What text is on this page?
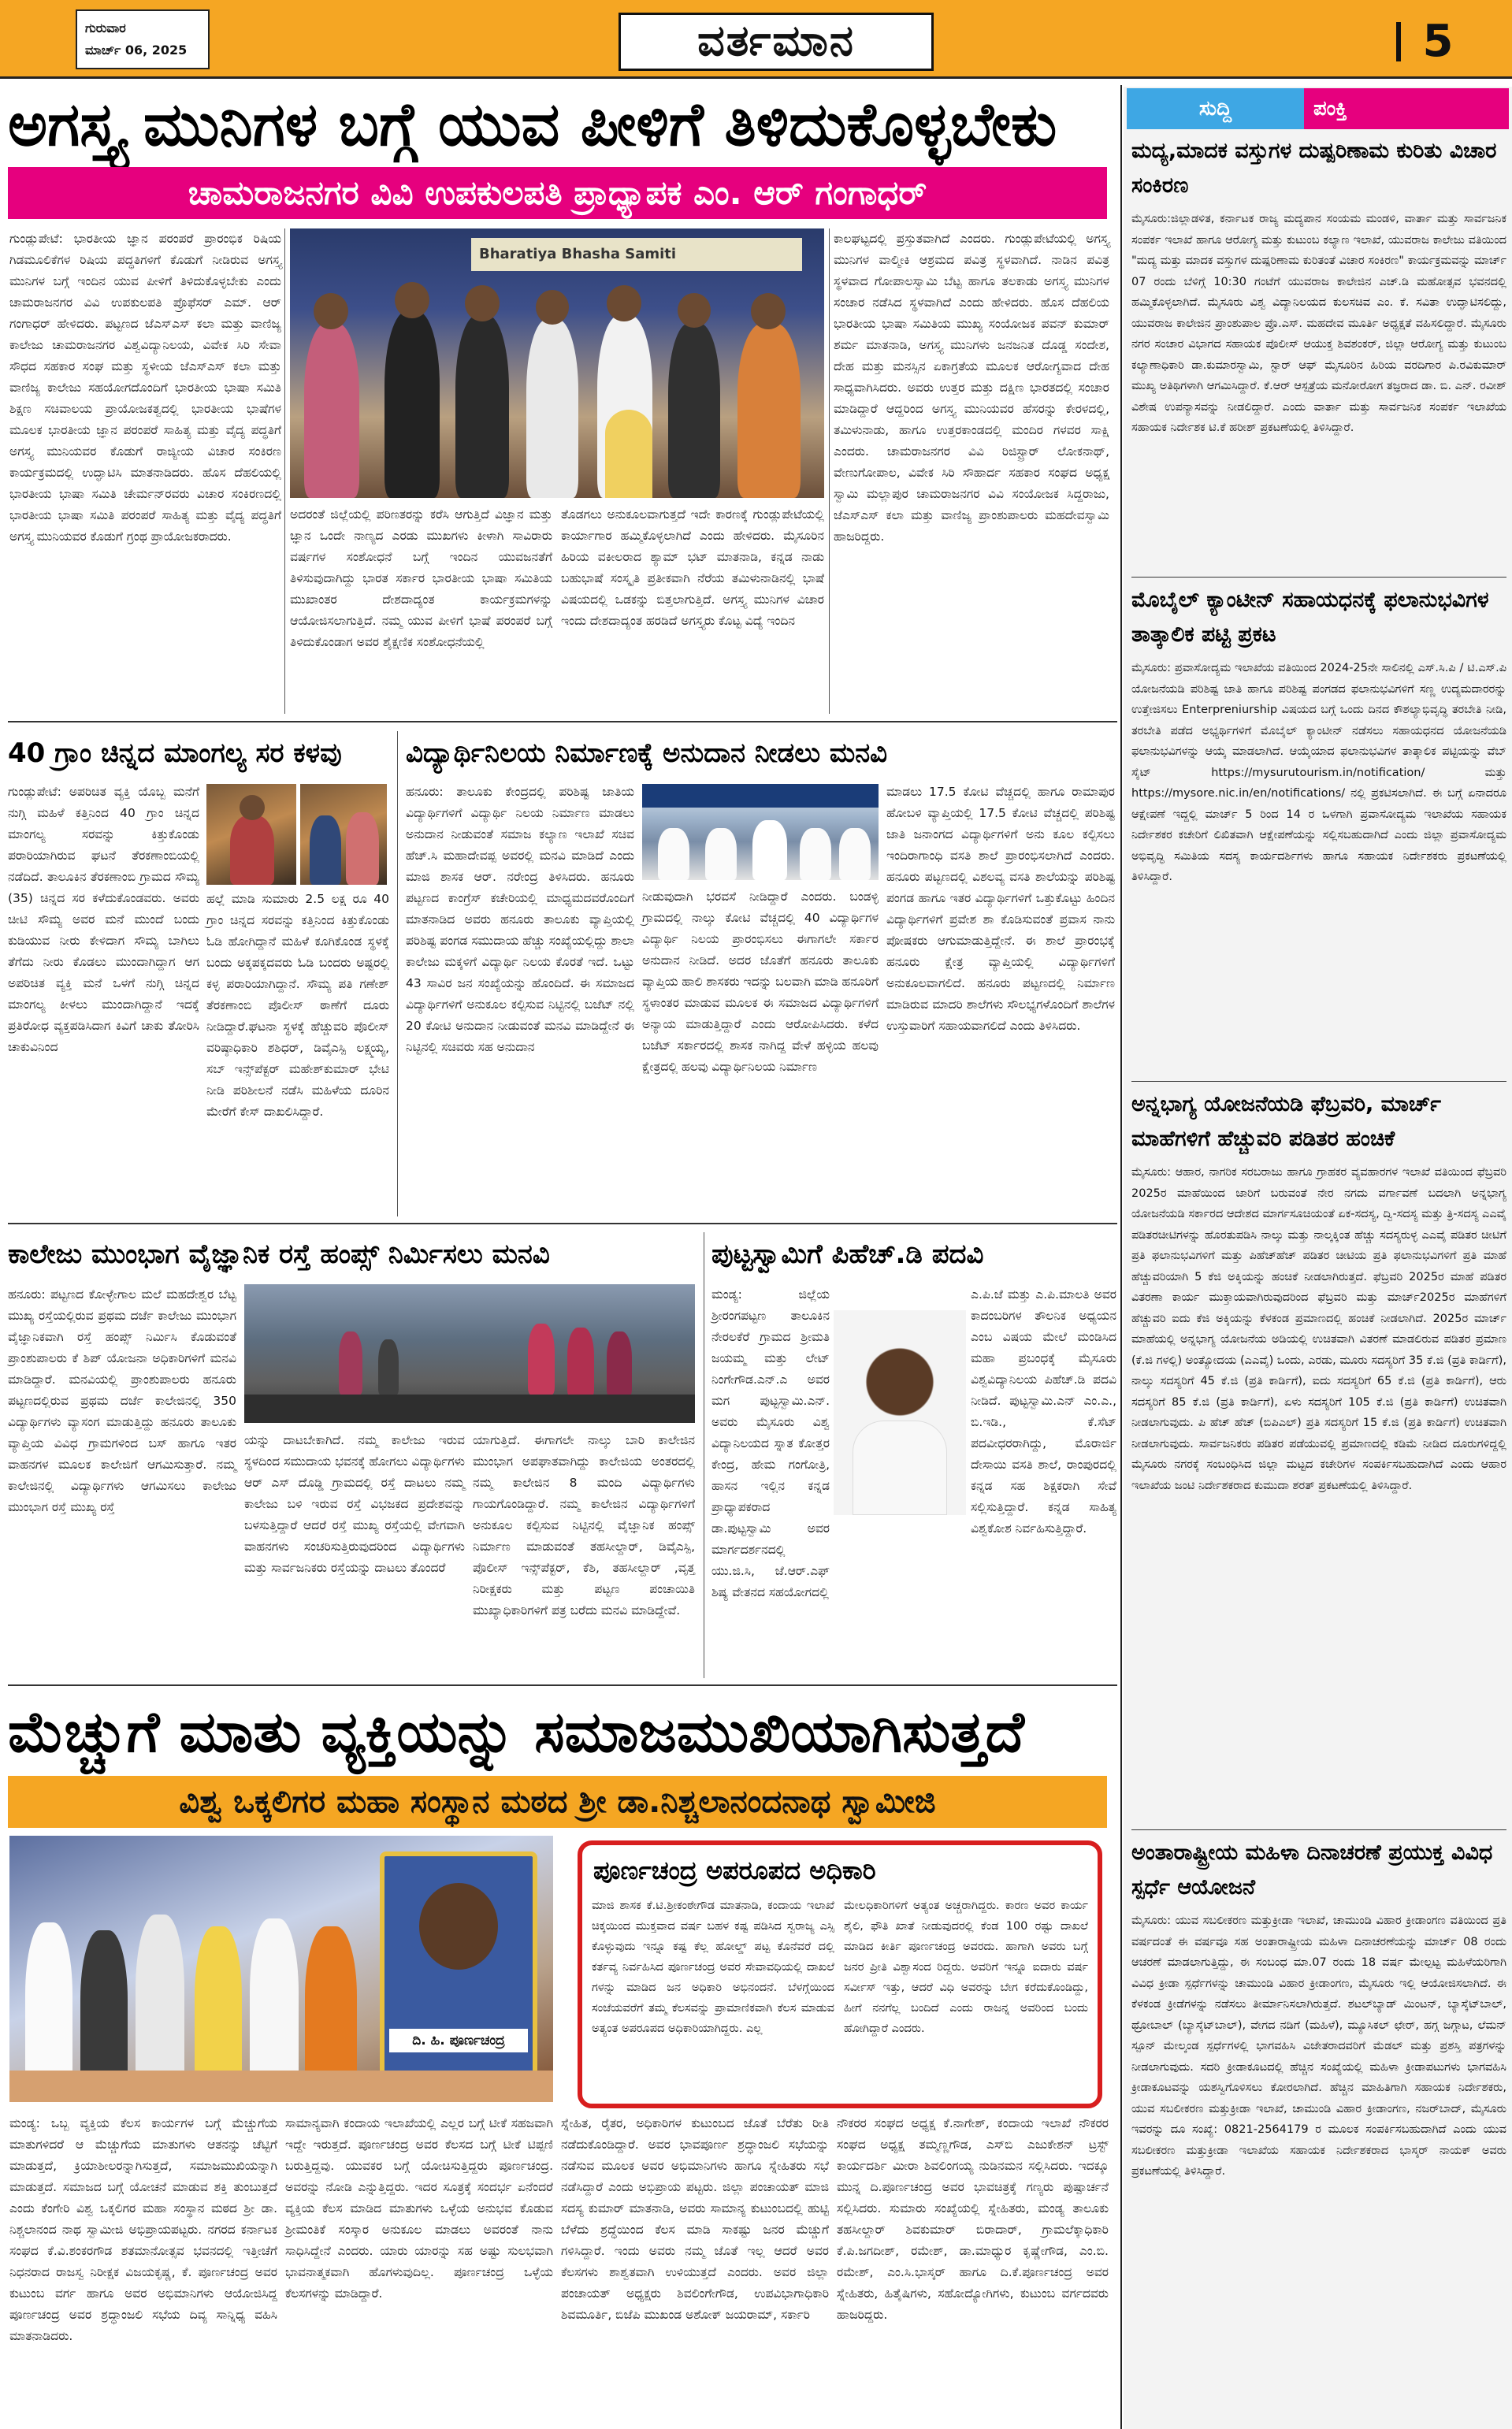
ಗುರುವಾರ
ಮಾರ್ಚ್ 06, 2025	ವರ್ತಮಾನ	5
ಅಗಸ್ತ್ಯ ಮುನಿಗಳ ಬಗ್ಗೆ ಯುವ ಪೀಳಿಗೆ ತಿಳಿದುಕೊಳ್ಳಬೇಕು
ಚಾಮರಾಜನಗರ ವಿವಿ ಉಪಕುಲಪತಿ ಪ್ರಾಧ್ಯಾಪಕ ಎಂ. ಆರ್ ಗಂಗಾಧರ್
ಗುಂಡ್ಲುಪೇಟೆ: ಭಾರತೀಯ ಜ್ಞಾನ ಪರಂಪರೆ ಪ್ರಾರಂಭಿಕ ರಿಷಿಯ ಗಿಡಮೂಲಿಕೆಗಳ ರಿಷಿಯ ಪದ್ಧತಿಗಳಿಗೆ ಕೊಡುಗೆ ನೀಡಿರುವ ಅಗಸ್ತ್ಯ ಮುನಿಗಳ ಬಗ್ಗೆ ಇಂದಿನ ಯುವ ಪೀಳಿಗೆ ತಿಳಿದುಕೊಳ್ಳಬೇಕು ಎಂದು ಚಾಮರಾಜನಗರ ವಿವಿ ಉಪಕುಲಪತಿ ಪ್ರೊಫೆಸರ್ ಎಮ್. ಆರ್ ಗಂಗಾಧರ್ ಹೇಳಿದರು. ಪಟ್ಟಣದ ಜೆಎಸ್‌ಎಸ್ ಕಲಾ ಮತ್ತು ವಾಣಿಜ್ಯ ಕಾಲೇಜು ಚಾಮರಾಜನಗರ ವಿಶ್ವವಿದ್ಯಾನಿಲಯ, ವಿವೇಕ ಸಿರಿ ಸೇವಾ ಸೌಧದ ಸಹಕಾರ ಸಂಘ ಮತ್ತು ಸ್ಥಳೀಯ ಜೆಎಸ್ಎಸ್ ಕಲಾ ಮತ್ತು ವಾಣಿಜ್ಯ ಕಾಲೇಜು ಸಹಯೋಗದೊಂದಿಗೆ ಭಾರತೀಯ ಭಾಷಾ ಸಮಿತಿ ಶಿಕ್ಷಣ ಸಚಿವಾಲಯ ಪ್ರಾಯೋಜಕತ್ವದಲ್ಲಿ ಭಾರತೀಯ ಭಾಷೆಗಳ ಮೂಲಕ ಭಾರತೀಯ ಜ್ಞಾನ ಪರಂಪರೆ ಸಾಹಿತ್ಯ ಮತ್ತು ವೈದ್ಯ ಪದ್ಧತಿಗೆ ಅಗಸ್ತ್ಯ ಮುನಿಯವರ ಕೊಡುಗೆ ರಾಜ್ಯೀಯ ವಿಚಾರ ಸಂಕಿರಣ ಕಾರ್ಯಕ್ರಮದಲ್ಲಿ ಉದ್ಘಾಟಿಸಿ ಮಾತನಾಡಿದರು. ಹೊಸ ದೆಹಲಿಯಲ್ಲಿ ಭಾರತೀಯ ಭಾಷಾ ಸಮಿತಿ ಚೇರ್ಮನ್‌ರವರು ವಿಚಾರ ಸಂಕಿರಣದಲ್ಲಿ ಭಾರತೀಯ ಭಾಷಾ ಸಮಿತಿ ಪರಂಪರೆ ಸಾಹಿತ್ಯ ಮತ್ತು ವೈದ್ಯ ಪದ್ಧತಿಗೆ ಅಗಸ್ತ್ಯ ಮುನಿಯವರ ಕೊಡುಗೆ ಗ್ರಂಥ ಪ್ರಾಯೋಜಕರಾದರು.
Bharatiya Bhasha Samiti
ಅದರಂತೆ ಜಿಲ್ಲೆಯಲ್ಲಿ ಪರಿಣತರನ್ನು ಕರೆಸಿ ಆಗುತ್ತಿದೆ ವಿಜ್ಞಾನ ಮತ್ತು ಜ್ಞಾನ ಒಂದೇ ನಾಣ್ಯದ ಎರಡು ಮುಖಗಳು ಕೀಳಾಗಿ ಸಾವಿರಾರು ವರ್ಷಗಳ ಸಂಶೋಧನೆ ಬಗ್ಗೆ ಇಂದಿನ ಯುವಜನತೆಗೆ ತಿಳಿಸುವುದಾಗಿದ್ದು ಭಾರತ ಸರ್ಕಾರ ಭಾರತೀಯ ಭಾಷಾ ಸಮಿತಿಯ ಮುಖಾಂತರ ದೇಶದಾದ್ಯಂತ ಕಾರ್ಯಕ್ರಮಗಳನ್ನು ಆಯೋಜಿಸಲಾಗುತ್ತಿದೆ. ನಮ್ಮ ಯುವ ಪೀಳಿಗೆ ಭಾಷೆ ಪರಂಪರೆ ಬಗ್ಗೆ ತಿಳಿದುಕೊಂಡಾಗ ಅವರ ಶೈಕ್ಷಣಿಕ ಸಂಶೋಧನೆಯಲ್ಲಿ
ತೊಡಗಲು ಅನುಕೂಲವಾಗುತ್ತದೆ ಇದೇ ಕಾರಣಕ್ಕೆ ಗುಂಡ್ಲುಪೇಟೆಯಲ್ಲಿ ಕಾರ್ಯಾಗಾರ ಹಮ್ಮಿಕೊಳ್ಳಲಾಗಿದೆ ಎಂದು ಹೇಳಿದರು. ಮೈಸೂರಿನ ಹಿರಿಯ ವಕೀಲರಾದ ಶ್ಯಾಮ್ ಭಟ್ ಮಾತನಾಡಿ, ಕನ್ನಡ ನಾಡು ಬಹುಭಾಷೆ ಸಂಸ್ಕೃತಿ ಪ್ರತೀಕವಾಗಿ ನೆರೆಯ ತಮಿಳುನಾಡಿನಲ್ಲಿ ಭಾಷೆ ವಿಷಯದಲ್ಲಿ ಒಡಕನ್ನು ಬಿತ್ತಲಾಗುತ್ತಿದೆ. ಅಗಸ್ತ್ಯ ಮುನಿಗಳ ವಿಚಾರ ಇಂದು ದೇಶದಾದ್ಯಂತ ಹರಡಿದೆ ಅಗಸ್ತ್ಯರು ಕೊಟ್ಟ ವಿದ್ಯೆ ಇಂದಿನ
ಕಾಲಘಟ್ಟದಲ್ಲಿ ಪ್ರಸ್ತುತವಾಗಿದೆ ಎಂದರು. ಗುಂಡ್ಲುಪೇಟೆಯಲ್ಲಿ ಅಗಸ್ತ್ಯ ಮುನಿಗಳ ವಾಲ್ಮೀಕಿ ಆಶ್ರಮದ ಪವಿತ್ರ ಸ್ಥಳವಾಗಿದೆ. ನಾಡಿನ ಪವಿತ್ರ ಸ್ಥಳವಾದ ಗೋಪಾಲಸ್ವಾಮಿ ಬೆಟ್ಟ ಹಾಗೂ ತಲಕಾಡು ಅಗಸ್ತ್ಯ ಮುನಿಗಳ ಸಂಚಾರ ನಡೆಸಿದ ಸ್ಥಳವಾಗಿದೆ ಎಂದು ಹೇಳಿದರು. ಹೊಸ ದೆಹಲಿಯ ಭಾರತೀಯ ಭಾಷಾ ಸಮಿತಿಯ ಮುಖ್ಯ ಸಂಯೋಜಕ ಪವನ್ ಕುಮಾರ್ ಶರ್ಮ ಮಾತನಾಡಿ, ಅಗಸ್ತ್ಯ ಮುನಿಗಳು ಜನಜನಿತ ದೊಡ್ಡ ಸಂದೇಶ, ದೇಹ ಮತ್ತು ಮನಸ್ಸಿನ ಏಕಾಗ್ರತೆಯ ಮೂಲಕ ಆರೋಗ್ಯವಾದ ದೇಹ ಸಾಧ್ಯವಾಗಿಸಿದರು. ಅವರು ಉತ್ತರ ಮತ್ತು ದಕ್ಷಿಣ ಭಾರತದಲ್ಲಿ ಸಂಚಾರ ಮಾಡಿದ್ದಾರೆ ಆದ್ದರಿಂದ ಅಗಸ್ತ್ಯ ಮುನಿಯವರ ಹೆಸರನ್ನು ಕೇರಳದಲ್ಲಿ, ತಮಿಳುನಾಡು, ಹಾಗೂ ಉತ್ತರಕಾಂಡದಲ್ಲಿ ಮಂದಿರ ಗಳವರ ಸಾಕ್ಷಿ ಎಂದರು. ಚಾಮರಾಜನಗರ ವಿವಿ ರಿಜಿಸ್ಟ್ರಾರ್ ಲೋಕನಾಥ್, ವೇಣುಗೋಪಾಲ, ವಿವೇಕ ಸಿರಿ ಸೌಹಾರ್ದ ಸಹಕಾರ ಸಂಘದ ಅಧ್ಯಕ್ಷ ಸ್ವಾಮಿ ಮಲ್ಲಾಪುರ ಚಾಮರಾಜನಗರ ವಿವಿ ಸಂಯೋಜಕ ಸಿದ್ದರಾಜು, ಜೆಎಸ್‌ಎಸ್ ಕಲಾ ಮತ್ತು ವಾಣಿಜ್ಯ ಪ್ರಾಂಶುಪಾಲರು ಮಹದೇವಸ್ವಾಮಿ ಹಾಜರಿದ್ದರು.
40 ಗ್ರಾಂ ಚಿನ್ನದ ಮಾಂಗಲ್ಯ ಸರ ಕಳವು
ಗುಂಡ್ಲುಪೇಟೆ: ಅಪರಿಚಿತ ವ್ಯಕ್ತಿ ಯೊಬ್ಬ ಮನೆಗೆ ನುಗ್ಗಿ ಮಹಿಳೆ ಕತ್ತಿನಿಂದ 40 ಗ್ರಾಂ ಚಿನ್ನದ ಮಾಂಗಲ್ಯ ಸರವನ್ನು ಕಿತ್ತುಕೊಂಡು ಪರಾರಿಯಾಗಿರುವ ಘಟನೆ ತೆರಕಣಾಂಬಿಯಲ್ಲಿ ನಡೆದಿದೆ. ತಾಲೂಕಿನ ತೆರಕಣಾಂಬಿ ಗ್ರಾಮದ ಸೌಮ್ಯ (35) ಚಿನ್ನದ ಸರ ಕಳೆದುಕೊಂಡವರು. ಅವರು ಚೀಟಿ ಸೌಮ್ಯ ಅವರ ಮನೆ ಮುಂದೆ ಬಂದು ಕುಡಿಯುವ ನೀರು ಕೇಳಿದಾಗ ಸೌಮ್ಯ ಬಾಗಿಲು ತೆಗೆದು ನೀರು ಕೊಡಲು ಮುಂದಾಗಿದ್ದಾಗ ಆಗ ಅಪರಿಚಿತ ವ್ಯಕ್ತಿ ಮನೆ ಒಳಗೆ ನುಗ್ಗಿ ಚಿನ್ನದ ಮಾಂಗಲ್ಯ ಕೀಳಲು ಮುಂದಾಗಿದ್ದಾನೆ ಇದಕ್ಕೆ ಪ್ರತಿರೋಧ ವ್ಯಕ್ತಪಡಿಸಿದಾಗ ಕಿವಿಗೆ ಚಾಕು ತೋರಿಸಿ ಚಾಕುವಿನಿಂದ
ಹಲ್ಲೆ ಮಾಡಿ ಸುಮಾರು 2.5 ಲಕ್ಷ ರೂ 40 ಗ್ರಾಂ ಚಿನ್ನದ ಸರವನ್ನು ಕತ್ತಿನಿಂದ ಕಿತ್ತುಕೊಂಡು ಓಡಿ ಹೋಗಿದ್ದಾನೆ ಮಹಿಳೆ ಕೂಗಿಕೊಂಡ ಸ್ಥಳಕ್ಕೆ ಬಂದು ಅಕ್ಕಪಕ್ಕದವರು ಓಡಿ ಬಂದರು ಅಷ್ಟರಲ್ಲಿ ಕಳ್ಳ ಪರಾರಿಯಾಗಿದ್ದಾನೆ. ಸೌಮ್ಯ ಪತಿ ಗಣೇಶ್ ತೆರಕಣಾಂಬಿ ಪೊಲೀಸ್ ಠಾಣೆಗೆ ದೂರು ನೀಡಿದ್ದಾರೆ.ಘಟನಾ ಸ್ಥಳಕ್ಕೆ ಹೆಚ್ಚುವರಿ ಪೊಲೀಸ್ ವರಿಷ್ಠಾಧಿಕಾರಿ ಶಶಿಧರ್, ಡಿವೈಎಸ್ಪಿ ಲಕ್ಷ್ಮಯ್ಯ, ಸಬ್ ಇನ್ಸ್‌ಪೆಕ್ಟರ್ ಮಹೇಶ್‌ಕುಮಾರ್ ಭೇಟಿ ನೀಡಿ ಪರಿಶೀಲನೆ ನಡೆಸಿ ಮಹಿಳೆಯ ದೂರಿನ ಮೇರೆಗೆ ಕೇಸ್ ದಾಖಲಿಸಿದ್ದಾರೆ.
ವಿದ್ಯಾರ್ಥಿನಿಲಯ ನಿರ್ಮಾಣಕ್ಕೆ ಅನುದಾನ ನೀಡಲು ಮನವಿ
ಹನೂರು: ತಾಲೂಕು ಕೇಂದ್ರದಲ್ಲಿ ಪರಿಶಿಷ್ಟ ಜಾತಿಯ ವಿದ್ಯಾರ್ಥಿಗಳಿಗೆ ವಿದ್ಯಾರ್ಥಿ ನಿಲಯ ನಿರ್ಮಾಣ ಮಾಡಲು ಅನುದಾನ ನೀಡುವಂತೆ ಸಮಾಜ ಕಲ್ಯಾಣ ಇಲಾಖೆ ಸಚಿವ ಹೆಚ್.ಸಿ ಮಹಾದೇವಪ್ಪ ಅವರಲ್ಲಿ ಮನವಿ ಮಾಡಿದೆ ಎಂದು ಮಾಜಿ ಶಾಸಕ ಆರ್. ನರೇಂದ್ರ ತಿಳಿಸಿದರು. ಹನೂರು ಪಟ್ಟಣದ ಕಾಂಗ್ರೆಸ್ ಕಚೇರಿಯಲ್ಲಿ ಮಾಧ್ಯಮದವರೊಂದಿಗೆ ಮಾತನಾಡಿದ ಅವರು ಹನೂರು ತಾಲೂಕು ವ್ಯಾಪ್ತಿಯಲ್ಲಿ ಪರಿಶಿಷ್ಟ ಪಂಗಡ ಸಮುದಾಯ ಹೆಚ್ಚು ಸಂಖ್ಯೆಯಲ್ಲಿದ್ದು ಶಾಲಾ ಕಾಲೇಜು ಮಕ್ಕಳಿಗೆ ವಿದ್ಯಾರ್ಥಿ ನಿಲಯ ಕೊರತೆ ಇದೆ. ಒಟ್ಟು 43 ಸಾವಿರ ಜನ ಸಂಖ್ಯೆಯನ್ನು ಹೊಂದಿದೆ. ಈ ಸಮಾಜದ ವಿದ್ಯಾರ್ಥಿಗಳಿಗೆ ಅನುಕೂಲ ಕಲ್ಪಿಸುವ ನಿಟ್ಟಿನಲ್ಲಿ ಬಜೆಟ್ ನಲ್ಲಿ 20 ಕೋಟಿ ಅನುದಾನ ನೀಡುವಂತೆ ಮನವಿ ಮಾಡಿದ್ದೇನೆ ಈ ನಿಟ್ಟಿನಲ್ಲಿ ಸಚಿವರು ಸಹ ಅನುದಾನ
ನೀಡುವುದಾಗಿ ಭರವಸೆ ನೀಡಿದ್ದಾರೆ ಎಂದರು. ಬಂಡಳ್ಳಿ ಗ್ರಾಮದಲ್ಲಿ ನಾಲ್ಕು ಕೋಟಿ ವೆಚ್ಚದಲ್ಲಿ 40 ವಿದ್ಯಾರ್ಥಿಗಳ ವಿದ್ಯಾರ್ಥಿ ನಿಲಯ ಪ್ರಾರಂಭಿಸಲು ಈಗಾಗಲೇ ಸರ್ಕಾರ ಅನುದಾನ ನೀಡಿದೆ. ಅದರ ಜೊತೆಗೆ ಹನೂರು ತಾಲೂಕು ವ್ಯಾಪ್ತಿಯ ಹಾಲಿ ಶಾಸಕರು ಇದನ್ನು ಬಲವಾಗಿ ಮಾಡಿ ಹನೂರಿಗೆ ಸ್ಥಳಾಂತರ ಮಾಡುವ ಮೂಲಕ ಈ ಸಮಾಜದ ವಿದ್ಯಾರ್ಥಿಗಳಿಗೆ ಅನ್ಯಾಯ ಮಾಡುತ್ತಿದ್ದಾರೆ ಎಂದು ಆರೋಪಿಸಿದರು. ಕಳೆದ ಬಜೆಟ್ ಸರ್ಕಾರದಲ್ಲಿ ಶಾಸಕ ನಾಗಿದ್ದ ವೇಳೆ ಹಳ್ಳಿಯ ಹಲವು ಕ್ಷೇತ್ರದಲ್ಲಿ ಹಲವು ವಿದ್ಯಾರ್ಥಿನಿಲಯ ನಿರ್ಮಾಣ
ಮಾಡಲು 17.5 ಕೋಟಿ ವೆಚ್ಚದಲ್ಲಿ ಹಾಗೂ ರಾಮಾಪುರ ಹೋಬಳಿ ವ್ಯಾಪ್ತಿಯಲ್ಲಿ 17.5 ಕೋಟಿ ವೆಚ್ಚದಲ್ಲಿ ಪರಿಶಿಷ್ಟ ಜಾತಿ ಜನಾಂಗದ ವಿದ್ಯಾರ್ಥಿಗಳಿಗೆ ಅನು ಕೂಲ ಕಲ್ಪಿಸಲು ಇಂದಿರಾಗಾಂಧಿ ವಸತಿ ಶಾಲೆ ಪ್ರಾರಂಭಿಸಲಾಗಿದೆ ಎಂದರು. ಹನೂರು ಪಟ್ಟಣದಲ್ಲಿ ವಿಶಲವ್ಯ ವಸತಿ ಶಾಲೆಯನ್ನು ಪರಿಶಿಷ್ಟ ಪಂಗಡ ಹಾಗೂ ಇತರ ವಿದ್ಯಾರ್ಥಿಗಳಿಗೆ ಒತ್ತುಕೊಟ್ಟು ಹಿಂದಿನ ವಿದ್ಯಾರ್ಥಿಗಳಿಗೆ ಪ್ರವೇಶ ಶಾ ಕೊಡಿಸುವಂತೆ ಪ್ರವಾಸ ನಾನು ಪೋಷಕರು ಆಗುಮಾಡುತ್ತಿದ್ದೇನೆ. ಈ ಶಾಲೆ ಪ್ರಾರಂಭಕ್ಕೆ ಹನೂರು ಕ್ಷೇತ್ರ ವ್ಯಾಪ್ತಿಯಲ್ಲಿ ವಿದ್ಯಾರ್ಥಿಗಳಿಗೆ ಅನುಕೂಲವಾಗಲಿದೆ. ಹನೂರು ಪಟ್ಟಣದಲ್ಲಿ ನಿರ್ಮಾಣ ಮಾಡಿರುವ ಮಾದರಿ ಶಾಲೆಗಳು ಸೌಲಭ್ಯಗಳೊಂದಿಗೆ ಶಾಲೆಗಳ ಉಸ್ತುವಾರಿಗೆ ಸಹಾಯವಾಗಲಿದೆ ಎಂದು ತಿಳಿಸಿದರು.
ಕಾಲೇಜು ಮುಂಭಾಗ ವೈಜ್ಞಾನಿಕ ರಸ್ತೆ ಹಂಪ್ಸ್ ನಿರ್ಮಿಸಲು ಮನವಿ
ಹನೂರು: ಪಟ್ಟಣದ ಕೋಳ್ಳೇಗಾಲ ಮಲೆ ಮಹದೇಶ್ವರ ಬೆಟ್ಟ ಮುಖ್ಯ ರಸ್ತೆಯಲ್ಲಿರುವ ಪ್ರಥಮ ದರ್ಜೆ ಕಾಲೇಜು ಮುಂಭಾಗ ವೈಜ್ಞಾನಿಕವಾಗಿ ರಸ್ತೆ ಹಂಪ್ಸ್ ನಿರ್ಮಿಸಿ ಕೊಡುವಂತೆ ಪ್ರಾಂಶುಪಾಲರು ಕೆ ಶಿಪ್ ಯೋಜನಾ ಅಧಿಕಾರಿಗಳಿಗೆ ಮನವಿ ಮಾಡಿದ್ದಾರೆ. ಮನವಿಯಲ್ಲಿ ಪ್ರಾಂಶುಪಾಲರು ಹನೂರು ಪಟ್ಟಣದಲ್ಲಿರುವ ಪ್ರಥಮ ದರ್ಜೆ ಕಾಲೇಜಿನಲ್ಲಿ 350 ವಿದ್ಯಾರ್ಥಿಗಳು ವ್ಯಾಸಂಗ ಮಾಡುತ್ತಿದ್ದು ಹನೂರು ತಾಲೂಕು ವ್ಯಾಪ್ತಿಯ ವಿವಿಧ ಗ್ರಾಮಗಳಿಂದ ಬಸ್ ಹಾಗೂ ಇತರ ವಾಹನಗಳ ಮೂಲಕ ಕಾಲೇಜಿಗೆ ಆಗಮಿಸುತ್ತಾರೆ. ನಮ್ಮ ಕಾಲೇಜಿನಲ್ಲಿ ವಿದ್ಯಾರ್ಥಿಗಳು ಆಗಮಿಸಲು ಕಾಲೇಜು ಮುಂಭಾಗ ರಸ್ತೆ ಮುಖ್ಯ ರಸ್ತೆ
ಯನ್ನು ದಾಟಬೇಕಾಗಿದೆ. ನಮ್ಮ ಕಾಲೇಜು ಇರುವ ಸ್ಥಳದಿಂದ ಸಮುದಾಯ ಭವನಕ್ಕೆ ಹೋಗಲು ವಿದ್ಯಾರ್ಥಿಗಳು ಆರ್ ಎಸ್ ದೊಡ್ಡಿ ಗ್ರಾಮದಲ್ಲಿ ರಸ್ತೆ ದಾಟಲು ನಮ್ಮ ಕಾಲೇಜು ಬಳಿ ಇರುವ ರಸ್ತೆ ವಿಭಜಕದ ಪ್ರದೇಶವನ್ನು ಬಳಸುತ್ತಿದ್ದಾರೆ ಆದರೆ ರಸ್ತೆ ಮುಖ್ಯ ರಸ್ತೆಯಲ್ಲಿ ವೇಗವಾಗಿ ವಾಹನಗಳು ಸಂಚರಿಸುತ್ತಿರುವುದರಿಂದ ವಿದ್ಯಾರ್ಥಿಗಳು ಮತ್ತು ಸಾರ್ವಜನಿಕರು ರಸ್ತೆಯನ್ನು ದಾಟಲು ತೊಂದರೆ
ಯಾಗುತ್ತಿದೆ. ಈಗಾಗಲೇ ನಾಲ್ಕು ಬಾರಿ ಕಾಲೇಜಿನ ಮುಂಭಾಗ ಅಪಘಾತವಾಗಿದ್ದು ಕಾಲೇಜಿಯ ಅಂತರದಲ್ಲಿ ನಮ್ಮ ಕಾಲೇಜಿನ 8 ಮಂದಿ ವಿದ್ಯಾರ್ಥಿಗಳು ಗಾಯಗೊಂಡಿದ್ದಾರೆ. ನಮ್ಮ ಕಾಲೇಜಿನ ವಿದ್ಯಾರ್ಥಿಗಳಿಗೆ ಅನುಕೂಲ ಕಲ್ಪಿಸುವ ನಿಟ್ಟಿನಲ್ಲಿ ವೈಜ್ಞಾನಿಕ ಹಂಪ್ಸ್ ನಿರ್ಮಾಣ ಮಾಡುವಂತೆ ತಹಸೀಲ್ದಾರ್, ಡಿವೈಎಸ್ಪಿ, ಪೊಲೀಸ್ ಇನ್ಸ್‌ಪೆಕ್ಟರ್, ಕೆಶಿ, ತಹಸೀಲ್ದಾರ್ ,ವೃತ್ತ ನಿರೀಕ್ಷಕರು ಮತ್ತು ಪಟ್ಟಣ ಪಂಚಾಯಿತಿ ಮುಖ್ಯಾಧಿಕಾರಿಗಳಿಗೆ ಪತ್ರ ಬರೆದು ಮನವಿ ಮಾಡಿದ್ದೇವೆ.
ಪುಟ್ಟಸ್ವಾಮಿಗೆ ಪಿಹೆಚ್.ಡಿ ಪದವಿ
ಮಂಡ್ಯ: ಜಿಲ್ಲೆಯ ಶ್ರೀರಂಗಪಟ್ಟಣ ತಾಲೂಕಿನ ನೇರಲಕೆರೆ ಗ್ರಾಮದ ಶ್ರೀಮತಿ ಜಯಮ್ಮ ಮತ್ತು ಲೇಟ್ ನಿಂಗೇಗೌಡ.ಎನ್.ಎ ಅವರ ಮಗ ಪುಟ್ಟಸ್ವಾಮಿ.ಎನ್. ಅವರು ಮೈಸೂರು ವಿಶ್ವ ವಿದ್ಯಾನಿಲಯದ ಸ್ನಾತ ಕೋತ್ತರ ಕೇಂದ್ರ, ಹೇಮ ಗಂಗೋತ್ರಿ, ಹಾಸನ ಇಲ್ಲಿನ ಕನ್ನಡ ಪ್ರಾಧ್ಯಾಪಕರಾದ ಡಾ.ಪುಟ್ಟಸ್ವಾಮಿ ಅವರ ಮಾರ್ಗದರ್ಶನದಲ್ಲಿ ಯು.ಜಿ.ಸಿ, ಜೆ.ಆರ್.ಎಫ್ ಶಿಷ್ಯ ವೇತನದ ಸಹಯೋಗದಲ್ಲಿ
ಎ.ಪಿ.ಜೆ ಮತ್ತು ಎ.ಪಿ.ಮಾಲತಿ ಅವರ ಕಾದಂಬರಿಗಳ ತೌಲನಿಕ ಅಧ್ಯಯನ ಎಂಬ ವಿಷಯ ಮೇಲೆ ಮಂಡಿಸಿದ ಮಹಾ ಪ್ರಬಂಧಕ್ಕೆ ಮೈಸೂರು ವಿಶ್ವವಿದ್ಯಾನಿಲಯ ಪಿಹೆಚ್.ಡಿ ಪದವಿ ನೀಡಿದೆ. ಪುಟ್ಟಸ್ವಾಮಿ.ಎನ್ ಎಂ.ಎ., ಬಿ.ಇಡಿ., ಕೆ.ಸೆಟ್ ಪದವೀಧರರಾಗಿದ್ದು, ಮೊರಾರ್ಜಿ ದೇಸಾಯಿ ವಸತಿ ಶಾಲೆ, ರಾಂಪುರದಲ್ಲಿ ಕನ್ನಡ ಸಹ ಶಿಕ್ಷಕರಾಗಿ ಸೇವೆ ಸಲ್ಲಿಸುತ್ತಿದ್ದಾರೆ. ಕನ್ನಡ ಸಾಹಿತ್ಯ ವಿಶ್ವಕೋಶ ನಿರ್ವಹಿಸುತ್ತಿದ್ದಾರೆ.
ಮೆಚ್ಚುಗೆ ಮಾತು ವ್ಯಕ್ತಿಯನ್ನು ಸಮಾಜಮುಖಿಯಾಗಿಸುತ್ತದೆ
ವಿಶ್ವ ಒಕ್ಕಲಿಗರ ಮಹಾ ಸಂಸ್ಥಾನ ಮಠದ ಶ್ರೀ ಡಾ.ನಿಶ್ಚಲಾನಂದನಾಥ ಸ್ವಾಮೀಜಿ
ದಿ. ಹಿ. ಪೂರ್ಣಚಂದ್ರ
ಪೂರ್ಣಚಂದ್ರ ಅಪರೂಪದ ಅಧಿಕಾರಿ
ಮಾಜಿ ಶಾಸಕ ಕೆ.ಟಿ.ಶ್ರೀಕಂಠೇಗೌಡ ಮಾತನಾಡಿ, ಕಂದಾಯ ಇಲಾಖೆ ಚಿಕ್ಕಯಿಂದ ಮುಕ್ತವಾದ ವರ್ಷ ಬಹಳ ಕಷ್ಟ ಪಡಿಸಿದ ಸ್ವರಾಜ್ಯ ಎಸ್ಸಿ ಕೊಳ್ಳುವುದು ಇನ್ನೂ ಕಷ್ಟ ಕೆಲ್ಲ ಹೋಲ್ಡ್ ಪಟ್ಟ ಕೊನೆವರೆ ದಲ್ಲಿ ಕರ್ತವ್ಯ ನಿರ್ವಹಿಸಿದ ಪೂರ್ಣಚಂದ್ರ ಅವರ ಸೇವಾವಧಿಯಲ್ಲಿ ದಾಖಲೆ ಗಳನ್ನು ಮಾಡಿದ ಜನ ಅಧಿಕಾರಿ ಅಭಿನಂದನೆ. ಬೆಳಗ್ಗೆಯಿಂದ ಸಂಜೆಯವರೆಗೆ ತಮ್ಮ ಕೆಲಸವನ್ನು ಪ್ರಾಮಾಣಿಕವಾಗಿ ಕೆಲಸ ಮಾಡುವ ಅತ್ಯಂತ ಅಪರೂಪದ ಅಧಿಕಾರಿಯಾಗಿದ್ದರು. ಎಲ್ಲ
ಮೇಲಧಿಕಾರಿಗಳಿಗೆ ಅತ್ಯಂತ ಅಚ್ಚರಾಗಿದ್ದರು. ಕಾರಣ ಅವರ ಕಾರ್ಯ ಶೈಲಿ, ಫೌತಿ ಖಾತೆ ನೀಡುವುದರಲ್ಲಿ ಕೆಂಡ 100 ರಷ್ಟು ದಾಖಲೆ ಮಾಡಿದ ಕೀರ್ತಿ ಪೂರ್ಣಚಂದ್ರ ಅವರದು. ಹಾಗಾಗಿ ಅವರು ಬಗ್ಗೆ ಜನರ ಪ್ರೀತಿ ವಿಶ್ವಾಸಂದ ರಿದ್ದರು. ಅವರಿಗೆ ಇನ್ನೂ ಐದಾರು ವರ್ಷ ಸರ್ವೀಸ್ ಇತ್ತು, ಆದರೆ ವಿಧಿ ಅವರನ್ನು ಬೇಗ ಕರೆದುಕೊಂಡಿದ್ದು, ಹೀಗೆ ನನಗೆಲ್ಲ ಬಂದಿದೆ ಎಂದು ರಾಜನ್ನ ಅವರಿಂದ ಬಂದು ಹೋಗಿದ್ದಾರೆ ಎಂದರು.
ಮಂಡ್ಯ: ಒಬ್ಬ ವ್ಯಕ್ತಿಯ ಕೆಲಸ ಕಾರ್ಯಗಳ ಬಗ್ಗೆ ಮೆಚ್ಚುಗೆಯ ಮಾತುಗಳಿದರೆ ಆ ಮೆಚ್ಚುಗೆಯ ಮಾತುಗಳು ಆತನನ್ನು ಚೆಟ್ಟಿಗೆ ಮಾಡುತ್ತದೆ, ಕ್ರಿಯಾಶೀಲರನ್ನಾಗಿಸುತ್ತದೆ, ಸಮಾಜಮುಖಿಯನ್ನಾಗಿ ಮಾಡುತ್ತದೆ. ಸಮಾಜದ ಬಗ್ಗೆ ಯೋಚನೆ ಮಾಡುವ ಶಕ್ತಿ ತುಂಬುತ್ತದೆ ಎಂದು ಕೆಂಗೇರಿ ವಿಶ್ವ ಒಕ್ಕಲಿಗರ ಮಹಾ ಸಂಸ್ಥಾನ ಮಠದ ಶ್ರೀ ಡಾ. ನಿಶ್ಚಲಾನಂದ ನಾಥ ಸ್ವಾಮೀಜಿ ಅಭಿಪ್ರಾಯಪಟ್ಟರು. ನಗರದ ಕರ್ನಾಟಕ ಸಂಘದ ಕೆ.ವಿ.ಶಂಕರಗೌಡ ಶತಮಾನೋತ್ಸವ ಭವನದಲ್ಲಿ ಇತ್ತೀಚೆಗೆ ನಿಧನರಾದ ರಾಜಸ್ವ ನಿರೀಕ್ಷಕ ವಿಜಯಕೃಷ್ಣ, ಕೆ. ಪೂರ್ಣಚಂದ್ರ ಅವರ ಕುಟುಂಬ ವರ್ಗ ಹಾಗೂ ಅವರ ಅಭಿಮಾನಿಗಳು ಆಯೋಜಿಸಿದ್ದ ಪೂರ್ಣಚಂದ್ರ ಅವರ ಶ್ರದ್ಧಾಂಜಲಿ ಸಭೆಯ ದಿವ್ಯ ಸಾನ್ನಿಧ್ಯ ವಹಿಸಿ ಮಾತನಾಡಿದರು.
ಸಾಮಾನ್ಯವಾಗಿ ಕಂದಾಯ ಇಲಾಖೆಯಲ್ಲಿ ಎಲ್ಲರ ಬಗ್ಗೆ ಟೀಕೆ ಸಹಜವಾಗಿ ಇದ್ದೇ ಇರುತ್ತದೆ. ಪೂರ್ಣಚಂದ್ರ ಅವರ ಕೆಲಸದ ಬಗ್ಗೆ ಟೀಕೆ ಟಿಪ್ಪಣಿ ಬರುತ್ತಿದ್ದವು. ಯುವಕರ ಬಗ್ಗೆ ಯೋಚಿಸುತ್ತಿದ್ದರು ಪೂರ್ಣಚಂದ್ರ. ಅವರನ್ನು ನೋಡಿ ಎನ್ನುತ್ತಿದ್ದರು. ಇದರ ಸೂತ್ರಕ್ಕೆ ಸಂದರ್ಭ ಏನೆಂದರೆ ವ್ಯಕ್ತಿಯ ಕೆಲಸ ಮಾಡಿದ ಮಾತುಗಳು ಒಳ್ಳೆಯ ಅನುಭವ ಕೊಡುವ ಶ್ರೀಮಂತಿಕೆ ಸಂಸ್ಕಾರ ಅನುಕೂಲ ಮಾಡಲು ಅವರಂತೆ ನಾನು ಸಾಧಿಸಿದ್ದೇನೆ ಎಂದರು. ಯಾರು ಯಾರನ್ನು ಸಹ ಅಷ್ಟು ಸುಲಭವಾಗಿ ಭಾವನಾತ್ಮಕವಾಗಿ ಹೊಗಳುವುದಿಲ್ಲ. ಪೂರ್ಣಚಂದ್ರ ಒಳ್ಳೆಯ ಕೆಲಸಗಳನ್ನು ಮಾಡಿದ್ದಾರೆ.
ಸ್ನೇಹಿತ, ರೈತರ, ಅಧಿಕಾರಿಗಳ ಕುಟುಂಬದ ಜೊತೆ ಬೆರೆತು ರೀತಿ ನಡೆದುಕೊಂಡಿದ್ದಾರೆ. ಅವರ ಭಾವಪೂರ್ಣ ಶ್ರದ್ಧಾಂಜಲಿ ಸಭೆಯನ್ನು ನಡೆಸುವ ಮೂಲಕ ಅವರ ಅಭಿಮಾನಿಗಳು ಹಾಗೂ ಸ್ನೇಹಿತರು ಸಭೆ ನಡೆಸಿದ್ದಾರೆ ಎಂದು ಅಭಿಪ್ರಾಯ ಪಟ್ಟರು. ಜಿಲ್ಲಾ ಪಂಚಾಯತ್ ಮಾಜಿ ಸದಸ್ಯ ಕುಮಾರ್ ಮಾತನಾಡಿ, ಅವರು ಸಾಮಾನ್ಯ ಕುಟುಂಬದಲ್ಲಿ ಹುಟ್ಟಿ ಬೆಳೆದು ಶ್ರದ್ಧೆಯಿಂದ ಕೆಲಸ ಮಾಡಿ ಸಾಕಷ್ಟು ಜನರ ಮೆಚ್ಚುಗೆ ಗಳಿಸಿದ್ದಾರೆ. ಇಂದು ಅವರು ನಮ್ಮ ಜೊತೆ ಇಲ್ಲ ಆದರೆ ಅವರ ಕೆಲಸಗಳು ಶಾಶ್ವತವಾಗಿ ಉಳಿಯುತ್ತದೆ ಎಂದರು. ಅವರ ಜಿಲ್ಲಾ ಪಂಚಾಯತ್ ಅಧ್ಯಕ್ಷರು ಶಿವಲಿಂಗೇಗೌಡ, ಉಪವಿಭಾಗಾಧಿಕಾರಿ ಶಿವಮೂರ್ತಿ, ಬಿಜೆಪಿ ಮುಖಂಡ ಅಶೋಕ್ ಜಯರಾಮ್, ಸರ್ಕಾರಿ
ನೌಕರರ ಸಂಘದ ಅಧ್ಯಕ್ಷ ಕೆ.ನಾಗೇಶ್, ಕಂದಾಯ ಇಲಾಖೆ ನೌಕರರ ಸಂಘದ ಅಧ್ಯಕ್ಷ ತಮ್ಮಣ್ಣಗೌಡ, ಎಸ್‌ಬಿ ಎಜುಕೇಶನ್ ಟ್ರಸ್ಟ್ ಕಾರ್ಯದರ್ಶಿ ಮೀರಾ ಶಿವಲಿಂಗಯ್ಯ ನುಡಿನಮನ ಸಲ್ಲಿಸಿದರು. ಇದಕ್ಕೂ ಮುನ್ನ ದಿ.ಪೂರ್ಣಚಂದ್ರ ಅವರ ಭಾವಚಿತ್ರಕ್ಕೆ ಗಣ್ಯರು ಪುಷ್ಪಾರ್ಚನೆ ಸಲ್ಲಿಸಿದರು. ಸುಮಾರು ಸಂಖ್ಯೆಯಲ್ಲಿ ಸ್ನೇಹಿತರು, ಮಂಡ್ಯ ತಾಲೂಕು ತಹಸೀಲ್ದಾರ್ ಶಿವಕುಮಾರ್ ಬಿರಾದಾರ್, ಗ್ರಾಮಲೆಕ್ಕಾಧಿಕಾರಿ ಕೆ.ಪಿ.ಜಗದೀಶ್, ರಮೇಶ್, ಡಾ.ಮಾಧ್ಯುರ ಕೃಷ್ಣೇಗೌಡ, ಎಂ.ಬಿ. ರಮೇಶ್, ಎಂ.ಸಿ.ಭಾಸ್ಕರ್ ಹಾಗೂ ದಿ.ಕೆ.ಪೂರ್ಣಚಂದ್ರ ಅವರ ಸ್ನೇಹಿತರು, ಹಿತೈಷಿಗಳು, ಸಹೋದ್ಯೋಗಿಗಳು, ಕುಟುಂಬ ವರ್ಗದವರು ಹಾಜರಿದ್ದರು.
ಸುದ್ದಿ	ಪಂಕ್ತಿ
ಮದ್ಯ,ಮಾದಕ ವಸ್ತುಗಳ ದುಷ್ಪರಿಣಾಮ ಕುರಿತು ವಿಚಾರ ಸಂಕಿರಣ
ಮೈಸೂರು:ಜಿಲ್ಲಾಡಳಿತ, ಕರ್ನಾಟಕ ರಾಜ್ಯ ಮದ್ಯಪಾನ ಸಂಯಮ ಮಂಡಳಿ, ವಾರ್ತಾ ಮತ್ತು ಸಾರ್ವಜನಿಕ ಸಂಪರ್ಕ ಇಲಾಖೆ ಹಾಗೂ ಆರೋಗ್ಯ ಮತ್ತು ಕುಟುಂಬ ಕಲ್ಯಾಣ ಇಲಾಖೆ, ಯುವರಾಜ ಕಾಲೇಜು ವತಿಯಿಂದ "ಮದ್ಯ ಮತ್ತು ಮಾದಕ ವಸ್ತುಗಳ ದುಷ್ಪರಿಣಾಮ ಕುರಿತಂತೆ ವಿಚಾರ ಸಂಕಿರಣ" ಕಾರ್ಯಕ್ರಮವನ್ನು ಮಾರ್ಚ್ 07 ರಂದು ಬೆಳಿಗ್ಗೆ 10:30 ಗಂಟೆಗೆ ಯುವರಾಜ ಕಾಲೇಜಿನ ಎಚ್‌.ಡಿ ಮಹೋತ್ಸವ ಭವನದಲ್ಲಿ ಹಮ್ಮಿಕೊಳ್ಳಲಾಗಿದೆ. ಮೈಸೂರು ವಿಶ್ವ ವಿದ್ಯಾನಿಲಯದ ಕುಲಸಚಿವ ಎಂ. ಕೆ. ಸವಿತಾ ಉದ್ಘಾಟಿಸಲಿದ್ದು, ಯುವರಾಜ ಕಾಲೇಜಿನ ಪ್ರಾಂಶುಪಾಲ ಪ್ರೊ.ಎಸ್. ಮಹದೇವ ಮೂರ್ತಿ ಅಧ್ಯಕ್ಷತೆ ವಹಿಸಲಿದ್ದಾರೆ. ಮೈಸೂರು ನಗರ ಸಂಚಾರ ವಿಭಾಗದ ಸಹಾಯಕ ಪೊಲೀಸ್ ಆಯುಕ್ತ ಶಿವಶಂಕರ್, ಜಿಲ್ಲಾ ಆರೋಗ್ಯ ಮತ್ತು ಕುಟುಂಬ ಕಲ್ಯಾಣಾಧಿಕಾರಿ ಡಾ.ಕುಮಾರಸ್ವಾಮಿ, ಸ್ಟಾರ್ ಆಫ್ ಮೈಸೂರಿನ ಹಿರಿಯ ವರದಿಗಾರ ಪಿ.ರವಿಕುಮಾರ್ ಮುಖ್ಯ ಅತಿಥಿಗಳಾಗಿ ಆಗಮಿಸಿದ್ದಾರೆ. ಕೆ.ಆರ್ ಆಸ್ಪತ್ರೆಯ ಮನೋರೋಗ ತಜ್ಞರಾದ ಡಾ. ಬಿ. ಎನ್. ರವೀಶ್ ವಿಶೇಷ ಉಪನ್ಯಾಸವನ್ನು ನೀಡಲಿದ್ದಾರೆ. ಎಂದು ವಾರ್ತಾ ಮತ್ತು ಸಾರ್ವಜನಿಕ ಸಂಪರ್ಕ ಇಲಾಖೆಯ ಸಹಾಯಕ ನಿರ್ದೇಶಕ ಟಿ.ಕೆ ಹರೀಶ್ ಪ್ರಕಟಣೆಯಲ್ಲಿ ತಿಳಿಸಿದ್ದಾರೆ.
ಮೊಬೈಲ್ ಕ್ಯಾಂಟೀನ್ ಸಹಾಯಧನಕ್ಕೆ ಫಲಾನುಭವಿಗಳ ತಾತ್ಕಾಲಿಕ ಪಟ್ಟಿ ಪ್ರಕಟ
ಮೈಸೂರು: ಪ್ರವಾಸೋದ್ಯಮ ಇಲಾಖೆಯ ವತಿಯಿಂದ 2024-25ನೇ ಸಾಲಿನಲ್ಲಿ ಎಸ್.ಸಿ.ಪಿ / ಟಿ.ಎಸ್.ಪಿ ಯೋಜನೆಯಡಿ ಪರಿಶಿಷ್ಟ ಜಾತಿ ಹಾಗೂ ಪರಿಶಿಷ್ಟ ಪಂಗಡದ ಫಲಾನುಭವಿಗಳಿಗೆ ಸಣ್ಣ ಉದ್ಯಮದಾರರನ್ನು ಉತ್ತೇಜಿಸಲು Enterpreniurship ವಿಷಯದ ಬಗ್ಗೆ ಒಂದು ದಿನದ ಕೌಶಲ್ಯಾಭಿವೃದ್ಧಿ ತರಬೇತಿ ನೀಡಿ, ತರಬೇತಿ ಪಡೆದ ಅಭ್ಯರ್ಥಿಗಳಿಗೆ ಮೊಬೈಲ್ ಕ್ಯಾಂಟೀನ್ ನಡೆಸಲು ಸಹಾಯಧನದ ಯೋಜನೆಯಡಿ ಫಲಾನುಭವಿಗಳನ್ನು ಆಯ್ಕೆ ಮಾಡಲಾಗಿದೆ. ಆಯ್ಕೆಯಾದ ಫಲಾನುಭವಿಗಳ ತಾತ್ಕಾಲಿಕ ಪಟ್ಟಿಯನ್ನು ವೆಬ್ ಸೈಟ್ https://mysurutourism.in/notification/ ಮತ್ತು https://mysore.nic.in/en/notifications/ ನಲ್ಲಿ ಪ್ರಕಟಿಸಲಾಗಿದೆ. ಈ ಬಗ್ಗೆ ಏನಾದರೂ ಆಕ್ಷೇಪಣೆ ಇದ್ದಲ್ಲಿ ಮಾರ್ಚ್ 5 ರಿಂದ 14 ರ ಒಳಗಾಗಿ ಪ್ರವಾಸೋದ್ಯಮ ಇಲಾಖೆಯ ಸಹಾಯಕ ನಿರ್ದೇಶಕರ ಕಚೇರಿಗೆ ಲಿಖಿತವಾಗಿ ಆಕ್ಷೇಪಣೆಯನ್ನು ಸಲ್ಲಿಸಬಹುದಾಗಿದೆ ಎಂದು ಜಿಲ್ಲಾ ಪ್ರವಾಸೋದ್ಯಮ ಅಭಿವೃದ್ಧಿ ಸಮಿತಿಯ ಸದಸ್ಯ ಕಾರ್ಯದರ್ಶಿಗಳು ಹಾಗೂ ಸಹಾಯಕ ನಿರ್ದೇಶಕರು ಪ್ರಕಟಣೆಯಲ್ಲಿ ತಿಳಿಸಿದ್ದಾರೆ.
ಅನ್ನಭಾಗ್ಯ ಯೋಜನೆಯಡಿ ಫೆಬ್ರವರಿ, ಮಾರ್ಚ್ ಮಾಹೆಗಳಿಗೆ ಹೆಚ್ಚುವರಿ ಪಡಿತರ ಹಂಚಿಕೆ
ಮೈಸೂರು: ಆಹಾರ, ನಾಗರಿಕ ಸರಬರಾಜು ಹಾಗೂ ಗ್ರಾಹಕರ ವ್ಯವಹಾರಗಳ ಇಲಾಖೆ ವತಿಯಿಂದ ಫೆಬ್ರವರಿ 2025ರ ಮಾಹೆಯಿಂದ ಜಾರಿಗೆ ಬರುವಂತೆ ನೇರ ನಗದು ವರ್ಗಾವಣೆ ಬದಲಾಗಿ ಅನ್ನಭಾಗ್ಯ ಯೋಜನೆಯಡಿ ಸರ್ಕಾರದ ಆದೇಶದ ಮಾರ್ಗಸೂಚಿಯಂತೆ ಏಕ-ಸದಸ್ಯ, ದ್ವಿ-ಸದಸ್ಯ ಮತ್ತು ತ್ರಿ-ಸದಸ್ಯ ಎಎವೈ ಪಡಿತರಚೀಟಿಗಳನ್ನು ಹೊರತುಪಡಿಸಿ ನಾಲ್ಕು ಮತ್ತು ನಾಲ್ಕಕ್ಕಿಂತ ಹೆಚ್ಚು ಸದಸ್ಯರುಳ್ಳ ಎಎವೈ ಪಡಿತರ ಚೀಟಿಗೆ ಪ್ರತಿ ಫಲಾನುಭವಿಗಳಿಗೆ ಮತ್ತು ಪಿಹೆಚ್‌ಹೆಚ್ ಪಡಿತರ ಚೀಟಿಯ ಪ್ರತಿ ಫಲಾನುಭವಿಗಳಿಗೆ ಪ್ರತಿ ಮಾಹೆ ಹೆಚ್ಚುವರಿಯಾಗಿ 5 ಕೆಜಿ ಅಕ್ಕಿಯನ್ನು ಹಂಚಿಕೆ ನೀಡಲಾಗಿರುತ್ತದೆ. ಫೆಬ್ರವರಿ 2025ರ ಮಾಹೆ ಪಡಿತರ ವಿತರಣಾ ಕಾರ್ಯ ಮುಕ್ತಾಯವಾಗಿರುವುದರಿಂದ ಫೆಬ್ರವರಿ ಮತ್ತು ಮಾರ್ಚ್2025ರ ಮಾಹೆಗಳಿಗೆ ಹೆಚ್ಚುವರಿ ಐದು ಕೆಜಿ ಅಕ್ಕಿಯನ್ನು ಕೆಳಕಂಡ ಪ್ರಮಾಣದಲ್ಲಿ ಹಂಚಿಕೆ ನೀಡಲಾಗಿದೆ. 2025ರ ಮಾರ್ಚ್ ಮಾಹೆಯಲ್ಲಿ ಅನ್ನಭಾಗ್ಯ ಯೋಜನೆಯ ಅಡಿಯಲ್ಲಿ ಉಚಿತವಾಗಿ ವಿತರಣೆ ಮಾಡಲಿರುವ ಪಡಿತರ ಪ್ರಮಾಣ (ಕೆ.ಜಿ ಗಳಲ್ಲಿ) ಅಂತ್ಯೋದಯ (ಎಎವೈ) ಒಂದು, ಎರಡು, ಮೂರು ಸದಸ್ಯರಿಗೆ 35 ಕೆ.ಜಿ (ಪ್ರತಿ ಕಾರ್ಡಿಗೆ), ನಾಲ್ಕು ಸದಸ್ಯರಿಗೆ 45 ಕೆ.ಜಿ (ಪ್ರತಿ ಕಾರ್ಡಿಗೆ), ಐದು ಸದಸ್ಯರಿಗೆ 65 ಕೆ.ಜಿ (ಪ್ರತಿ ಕಾರ್ಡಿಗೆ), ಆರು ಸದಸ್ಯರಿಗೆ 85 ಕೆ.ಜಿ (ಪ್ರತಿ ಕಾರ್ಡಿಗೆ), ಏಳು ಸದಸ್ಯರಿಗೆ 105 ಕೆ.ಜಿ (ಪ್ರತಿ ಕಾರ್ಡಿಗೆ) ಉಚಿತವಾಗಿ ನೀಡಲಾಗುವುದು. ಪಿ ಹೆಚ್ ಹೆಚ್ (ಬಿಪಿಎಲ್) ಪ್ರತಿ ಸದಸ್ಯರಿಗೆ 15 ಕೆ.ಜಿ (ಪ್ರತಿ ಕಾರ್ಡಿಗೆ) ಉಚಿತವಾಗಿ ನೀಡಲಾಗುವುದು. ಸಾರ್ವಜನಿಕರು ಪಡಿತರ ಪಡೆಯುವಲ್ಲಿ ಪ್ರಮಾಣದಲ್ಲಿ ಕಡಿಮೆ ನೀಡಿದ ದೂರುಗಳಿದ್ದಲ್ಲಿ ಮೈಸೂರು ನಗರಕ್ಕೆ ಸಂಬಂಧಿಸಿದ ಜಿಲ್ಲಾ ಮಟ್ಟದ ಕಚೇರಿಗಳ ಸಂಪರ್ಕಿಸಬಹುದಾಗಿದೆ ಎಂದು ಆಹಾರ ಇಲಾಖೆಯ ಜಂಟಿ ನಿರ್ದೇಶಕರಾದ ಕುಮುದಾ ಶರತ್ ಪ್ರಕಟಣೆಯಲ್ಲಿ ತಿಳಿಸಿದ್ದಾರೆ.
ಅಂತಾರಾಷ್ಟ್ರೀಯ ಮಹಿಳಾ ದಿನಾಚರಣೆ ಪ್ರಯುಕ್ತ ವಿವಿಧ ಸ್ಪರ್ಧೆ ಆಯೋಜನೆ
ಮೈಸೂರು: ಯುವ ಸಬಲೀಕರಣ ಮತ್ತುಕ್ರೀಡಾ ಇಲಾಖೆ, ಚಾಮುಂಡಿ ವಿಹಾರ ಕ್ರೀಡಾಂಗಣ ವತಿಯಿಂದ ಪ್ರತಿ ವರ್ಷದಂತೆ ಈ ವರ್ಷವೂ ಸಹ ಅಂತಾರಾಷ್ಟ್ರೀಯ ಮಹಿಳಾ ದಿನಾಚರಣೆಯನ್ನು ಮಾರ್ಚ್ 08 ರಂದು ಆಚರಣೆ ಮಾಡಲಾಗುತ್ತಿದ್ದು, ಈ ಸಂಬಂಧ ಮಾ.07 ರಂದು 18 ವರ್ಷ ಮೇಲ್ಪಟ್ಟ ಮಹಿಳೆಯರಿಗಾಗಿ ವಿವಿಧ ಕ್ರೀಡಾ ಸ್ಪರ್ಧೆಗಳನ್ನು ಚಾಮುಂಡಿ ವಿಹಾರ ಕ್ರೀಡಾಂಗಣ, ಮೈಸೂರು ಇಲ್ಲಿ ಆಯೋಜಿಸಲಾಗಿದೆ. ಈ ಕೆಳಕಂಡ ಕ್ರೀಡೆಗಳನ್ನು ನಡೆಸಲು ತೀರ್ಮಾನಿಸಲಾಗಿರುತ್ತದೆ. ಶಟಲ್‌ಬ್ಯಾಡ್ ಮಿಂಟನ್, ಬ್ಯಾಸ್ಕೆಟ್‌ಬಾಲ್, ಥ್ರೋಬಾಲ್ (ಬ್ಯಾಸ್ಕೆಟ್‌ಬಾಲ್), ವೇಗದ ನಡಿಗೆ (ಮಹಿಳೆ), ಮ್ಯೂಸಿಕಲ್ ಛೇರ್, ಹಗ್ಗ ಜಗ್ಗಾಟ, ಲೆಮನ್ ಸ್ಪೂನ್ ಮೇಲ್ಕಂಡ ಸ್ಪರ್ಧೆಗಳಲ್ಲಿ ಭಾಗವಹಿಸಿ ವಿಜೇತರಾದವರಿಗೆ ಮೆಡಲ್ ಮತ್ತು ಪ್ರಶಸ್ತಿ ಪತ್ರಗಳನ್ನು ನೀಡಲಾಗುವುದು. ಸದರಿ ಕ್ರೀಡಾಕೂಟದಲ್ಲಿ ಹೆಚ್ಚಿನ ಸಂಖ್ಯೆಯಲ್ಲಿ ಮಹಿಳಾ ಕ್ರೀಡಾಪಟುಗಳು ಭಾಗವಹಿಸಿ ಕ್ರೀಡಾಕೂಟವನ್ನು ಯಶಸ್ವಿಗೊಳಿಸಲು ಕೋರಲಾಗಿದೆ. ಹೆಚ್ಚಿನ ಮಾಹಿತಿಗಾಗಿ ಸಹಾಯಕ ನಿರ್ದೇಶಕರು, ಯುವ ಸಬಲೀಕರಣ ಮತ್ತುಕ್ರೀಡಾ ಇಲಾಖೆ, ಚಾಮುಂಡಿ ವಿಹಾರ ಕ್ರೀಡಾಂಗಣ, ನಜರ್‌ಬಾದ್, ಮೈಸೂರು ಇವರನ್ನು ದೂ ಸಂಖ್ಯೆ: 0821-2564179 ರ ಮೂಲಕ ಸಂಪರ್ಕಿಸಬಹುದಾಗಿದೆ ಎಂದು ಯುವ ಸಬಲೀಕರಣ ಮತ್ತುಕ್ರೀಡಾ ಇಲಾಖೆಯ ಸಹಾಯಕ ನಿರ್ದೇಶಕರಾದ ಭಾಸ್ಕರ್ ನಾಯಕ್ ಅವರು ಪ್ರಕಟಣೆಯಲ್ಲಿ ತಿಳಿಸಿದ್ದಾರೆ.
